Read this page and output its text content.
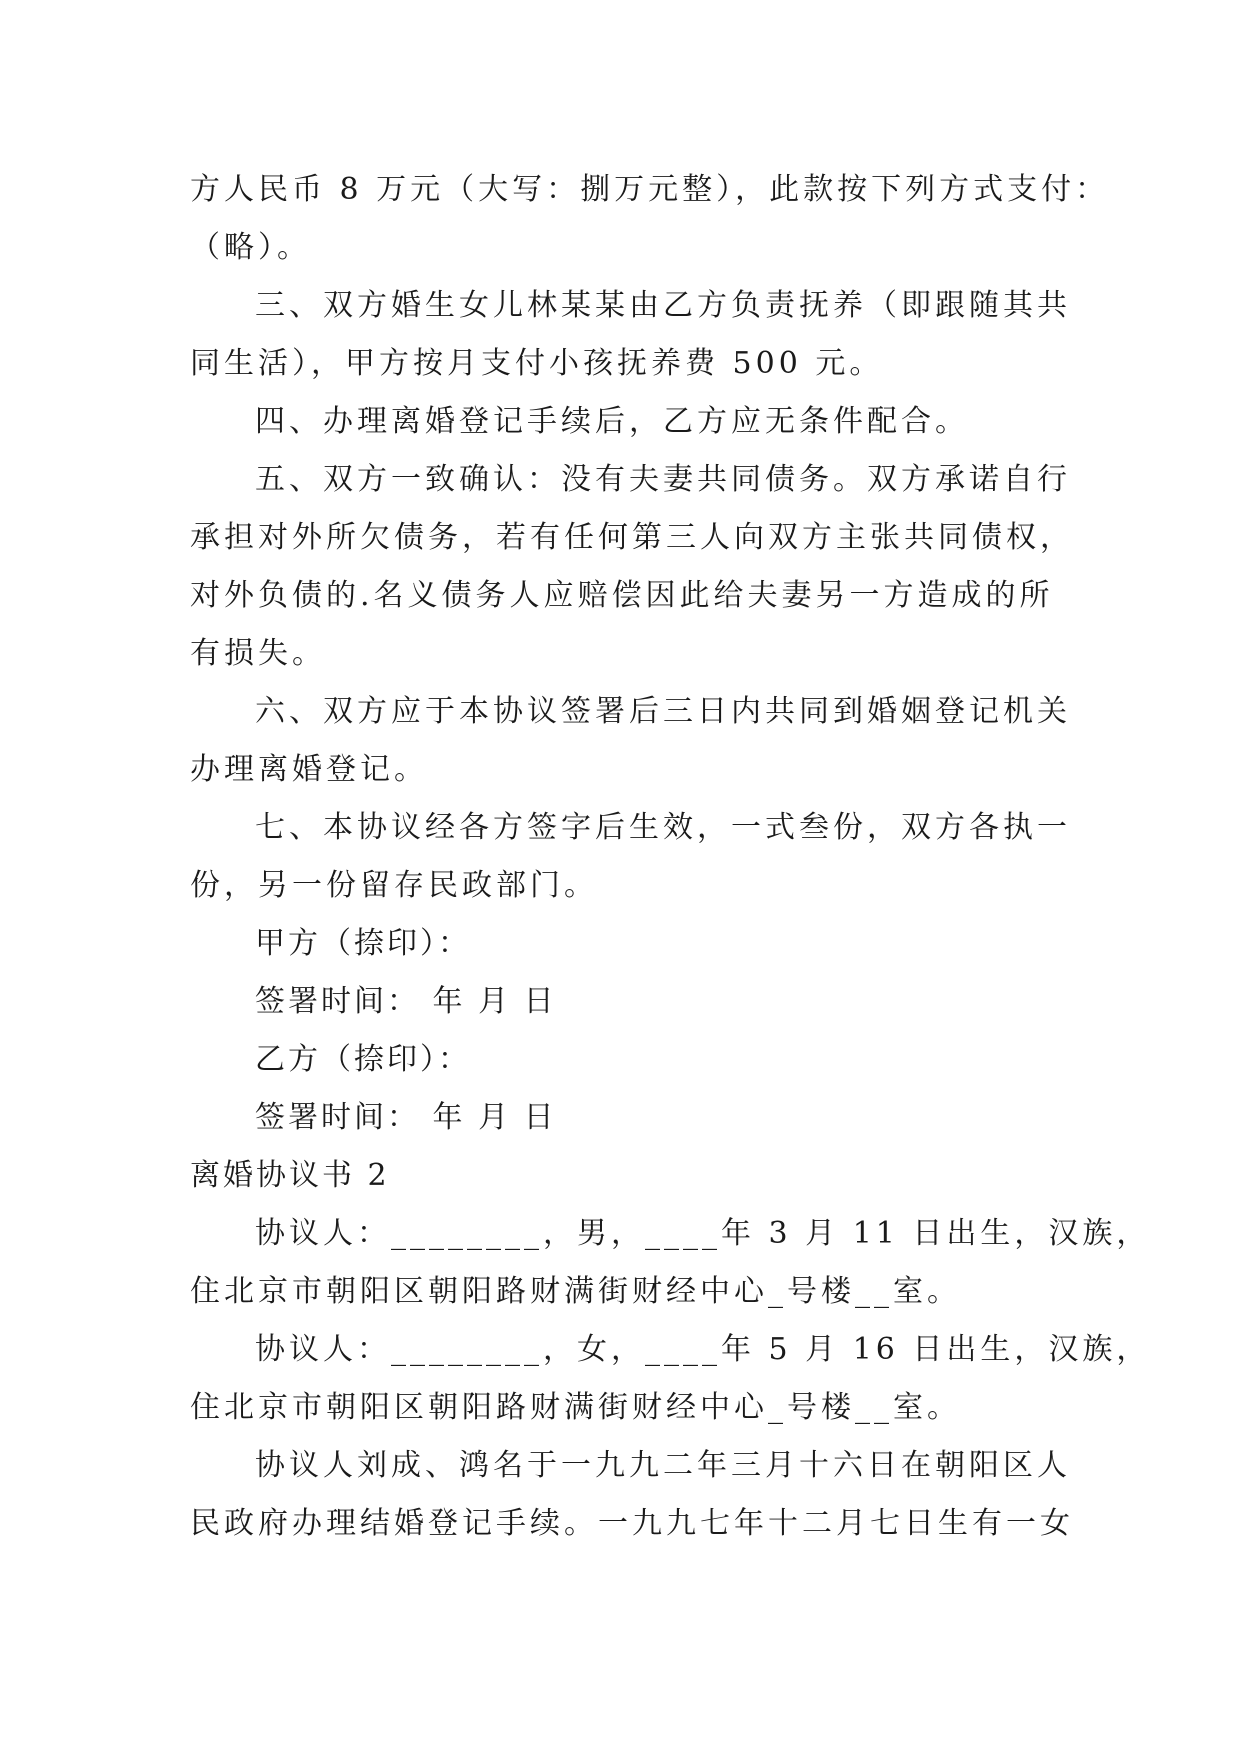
方人民币 8 万元（大写：捌万元整），此款按下列方式支付：
（略）。
三、双方婚生女儿林某某由乙方负责抚养（即跟随其共
同生活），甲方按月支付小孩抚养费 500 元。
四、办理离婚登记手续后，乙方应无条件配合。
五、双方一致确认：没有夫妻共同债务。双方承诺自行
承担对外所欠债务，若有任何第三人向双方主张共同债权，
对外负债的.名义债务人应赔偿因此给夫妻另一方造成的所
有损失。
六、双方应于本协议签署后三日内共同到婚姻登记机关
办理离婚登记。
七、本协议经各方签字后生效，一式叁份，双方各执一
份，另一份留存民政部门。
甲方（捺印）：
签署时间： 年 月 日
乙方（捺印）：
签署时间： 年 月 日
离婚协议书 2
协议人：________，男，____年 3 月 11 日出生，汉族，
住北京市朝阳区朝阳路财满街财经中心_号楼__室。
协议人：________，女，____年 5 月 16 日出生，汉族，
住北京市朝阳区朝阳路财满街财经中心_号楼__室。
协议人刘成、鸿名于一九九二年三月十六日在朝阳区人
民政府办理结婚登记手续。一九九七年十二月七日生有一女
